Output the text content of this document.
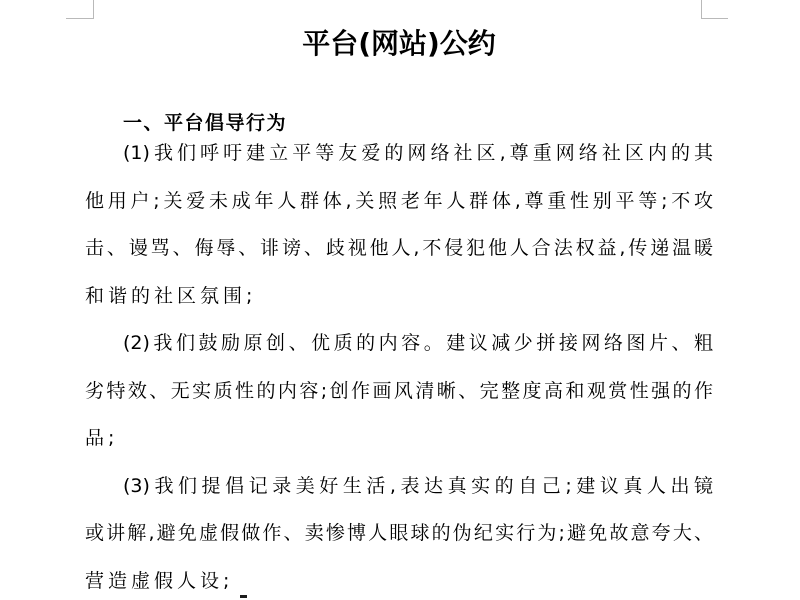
平台(网站)公约
一、平台倡导行为
(1)我们呼吁建立平等友爱的网络社区,尊重网络社区内的其
他用户;关爱未成年人群体,关照老年人群体,尊重性别平等;不攻
击、谩骂、侮辱、诽谤、歧视他人,不侵犯他人合法权益,传递温暖
和谐的社区氛围;
(2)我们鼓励原创、优质的内容。建议减少拼接网络图片、粗
劣特效、无实质性的内容;创作画风清晰、完整度高和观赏性强的作
品;
(3)我们提倡记录美好生活,表达真实的自己;建议真人出镜
或讲解,避免虚假做作、卖惨博人眼球的伪纪实行为;避免故意夸大、
营造虚假人设;
